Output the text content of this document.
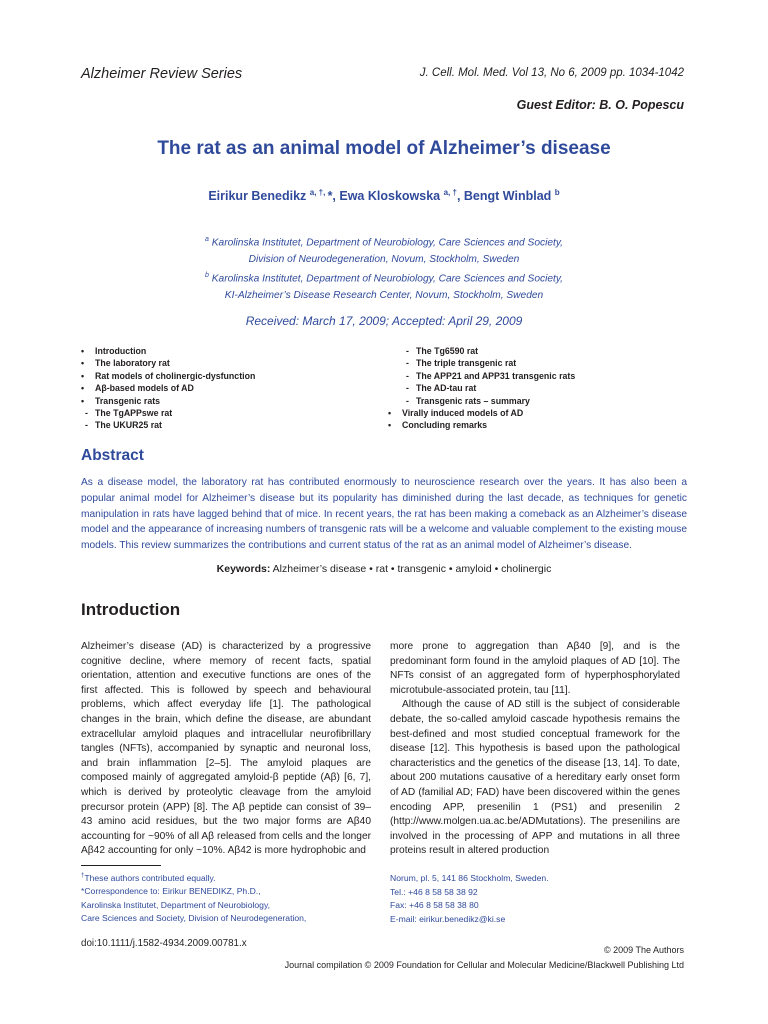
Alzheimer Review Series	J. Cell. Mol. Med. Vol 13, No 6, 2009 pp. 1034-1042
Guest Editor: B. O. Popescu
The rat as an animal model of Alzheimer’s disease
Eirikur Benedikz $^{a, \dagger,}$ *, Ewa Kloskowska $^{a, \dagger}$, Bengt Winblad $^b$
$^a$ Karolinska Institutet, Department of Neurobiology, Care Sciences and Society,
Division of Neurodegeneration, Novum, Stockholm, Sweden
$^b$ Karolinska Institutet, Department of Neurobiology, Care Sciences and Society,
KI-Alzheimer’s Disease Research Center, Novum, Stockholm, Sweden
Received: March 17, 2009; Accepted: April 29, 2009
• Introduction
• The laboratory rat
• Rat models of cholinergic-dysfunction
• Aβ-based models of AD
• Transgenic rats
- The TgAPPswe rat
- The UKUR25 rat
- The Tg6590 rat
- The triple transgenic rat
- The APP21 and APP31 transgenic rats
- The AD-tau rat
- Transgenic rats – summary
• Virally induced models of AD
• Concluding remarks
Abstract
As a disease model, the laboratory rat has contributed enormously to neuroscience research over the years. It has also been a popular animal model for Alzheimer’s disease but its popularity has diminished during the last decade, as techniques for genetic manipulation in rats have lagged behind that of mice. In recent years, the rat has been making a comeback as an Alzheimer’s disease model and the appearance of increasing numbers of transgenic rats will be a welcome and valuable complement to the existing mouse models. This review summarizes the contributions and current status of the rat as an animal model of Alzheimer’s disease.
Keywords: Alzheimer’s disease • rat • transgenic • amyloid • cholinergic
Introduction

Alzheimer’s disease (AD) is characterized by a progressive cognitive decline, where memory of recent facts, spatial orientation, attention and executive functions are ones of the first affected. This is followed by speech and behavioural problems, which affect everyday life [1]. The pathological changes in the brain, which define the disease, are abundant extracellular amyloid plaques and intracellular neurofibrillary tangles (NFTs), accompanied by synaptic and neuronal loss, and brain inflammation [2–5]. The amyloid plaques are composed mainly of aggregated amyloid-β peptide (Aβ) [6, 7], which is derived by proteolytic cleavage from the amyloid precursor protein (APP) [8]. The Aβ peptide can consist of 39–43 amino acid residues, but the two major forms are Aβ40 accounting for ~90% of all Aβ released from cells and the longer Aβ42 accounting for only ~10%. Aβ42 is more hydrophobic and

more prone to aggregation than Aβ40 [9], and is the predominant form found in the amyloid plaques of AD [10]. The NFTs consist of an aggregated form of hyperphosphorylated microtubule-associated protein, tau [11].

Although the cause of AD still is the subject of considerable debate, the so-called amyloid cascade hypothesis remains the best-defined and most studied conceptual framework for the disease [12]. This hypothesis is based upon the pathological characteristics and the genetics of the disease [13, 14]. To date, about 200 mutations causative of a hereditary early onset form of AD (familial AD; FAD) have been discovered within the genes encoding APP, presenilin 1 (PS1) and presenilin 2 (http://www.molgen.ua.ac.be/ADMutations). The presenilins are involved in the processing of APP and mutations in all three proteins result in altered production

†These authors contributed equally.
*Correspondence to: Eirikur BENEDIKZ, Ph.D.,
Karolinska Institutet, Department of Neurobiology,
Care Sciences and Society, Division of Neurodegeneration,
Norum, pl. 5, 141 86 Stockholm, Sweden.
Tel.: +46 8 58 58 38 92
Fax: +46 8 58 58 38 80
E-mail: eirikur.benedikz@ki.se
doi:10.1111/j.1582-4934.2009.00781.x
© 2009 The Authors
Journal compilation © 2009 Foundation for Cellular and Molecular Medicine/Blackwell Publishing Ltd
